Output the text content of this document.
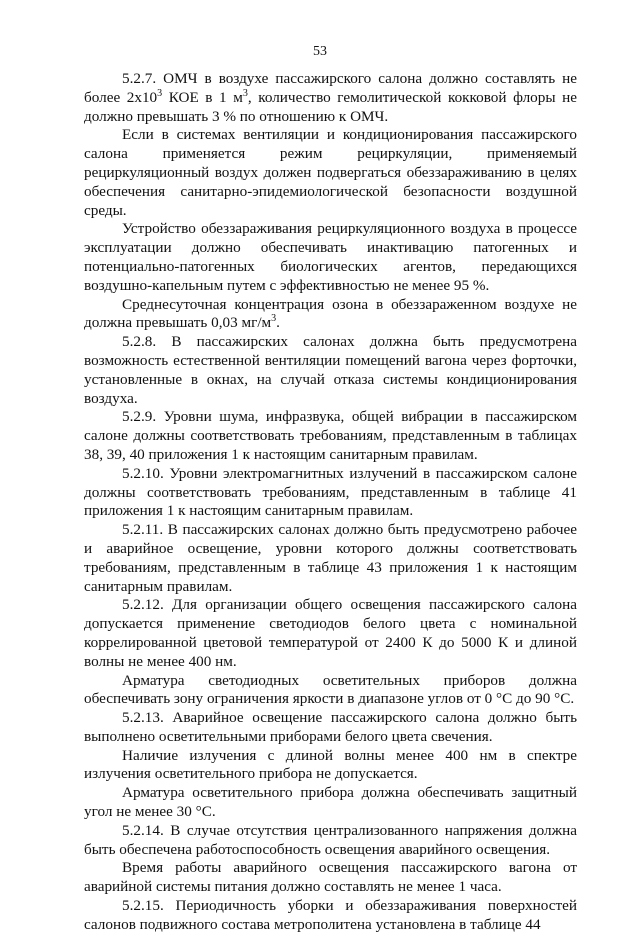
53

5.2.7. ОМЧ в воздухе пассажирского салона должно составлять не более $2х10^3$ КОЕ в 1 $м^3$, количество гемолитической кокковой флоры не должно превышать 3 % по отношению к ОМЧ.

Если в системах вентиляции и кондиционирования пассажирского салона применяется режим рециркуляции, применяемый рециркуляционный воздух должен подвергаться обеззараживанию в целях обеспечения санитарно-эпидемиологической безопасности воздушной среды.

Устройство обеззараживания рециркуляционного воздуха в процессе эксплуатации должно обеспечивать инактивацию патогенных и потенциально-патогенных биологических агентов, передающихся воздушно-капельным путем с эффективностью не менее 95 %.

Среднесуточная концентрация озона в обеззараженном воздухе не должна превышать 0,03 $мг/м^3$.

5.2.8. В пассажирских салонах должна быть предусмотрена возможность естественной вентиляции помещений вагона через форточки, установленные в окнах, на случай отказа системы кондиционирования воздуха.

5.2.9. Уровни шума, инфразвука, общей вибрации в пассажирском салоне должны соответствовать требованиям, представленным в таблицах 38, 39, 40 приложения 1 к настоящим санитарным правилам.

5.2.10. Уровни электромагнитных излучений в пассажирском салоне должны соответствовать требованиям, представленным в таблице 41 приложения 1 к настоящим санитарным правилам.

5.2.11. В пассажирских салонах должно быть предусмотрено рабочее и аварийное освещение, уровни которого должны соответствовать требованиям, представленным в таблице 43 приложения 1 к настоящим санитарным правилам.

5.2.12. Для организации общего освещения пассажирского салона допускается применение светодиодов белого цвета с номинальной коррелированной цветовой температурой от 2400 К до 5000 К и длиной волны не менее 400 нм.

Арматура светодиодных осветительных приборов должна обеспечивать зону ограничения яркости в диапазоне углов от 0 °С до 90 °С.

5.2.13. Аварийное освещение пассажирского салона должно быть выполнено осветительными приборами белого цвета свечения.

Наличие излучения с длиной волны менее 400 нм в спектре излучения осветительного прибора не допускается.

Арматура осветительного прибора должна обеспечивать защитный угол не менее 30 °С.

5.2.14. В случае отсутствия централизованного напряжения должна быть обеспечена работоспособность освещения аварийного освещения.

Время работы аварийного освещения пассажирского вагона от аварийной системы питания должно составлять не менее 1 часа.

5.2.15. Периодичность уборки и обеззараживания поверхностей салонов подвижного состава метрополитена установлена в таблице 44
